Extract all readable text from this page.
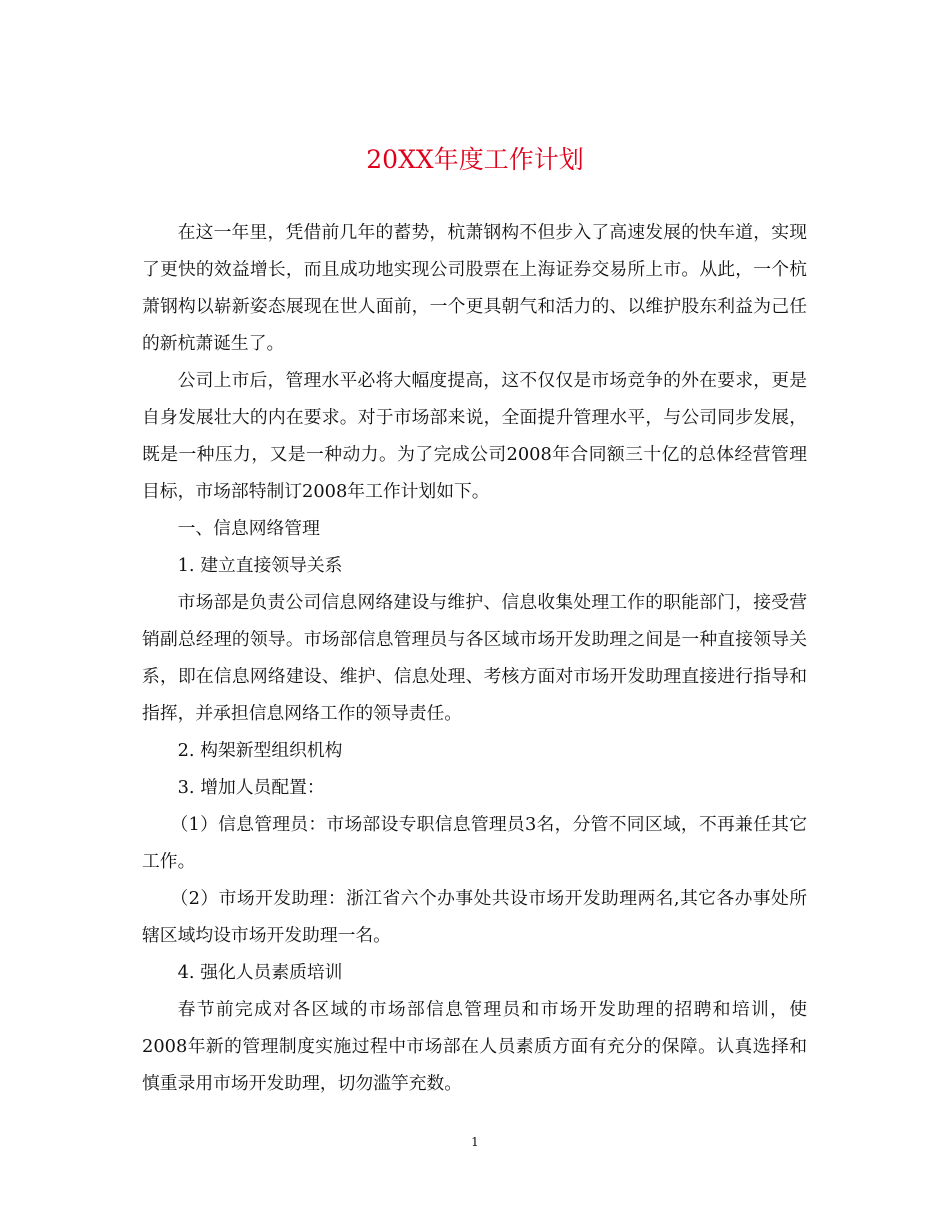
20XX年度工作计划

在这一年里，凭借前几年的蓄势，杭萧钢构不但步入了高速发展的快车道，实现了更快的效益增长，而且成功地实现公司股票在上海证券交易所上市。从此，一个杭萧钢构以崭新姿态展现在世人面前，一个更具朝气和活力的、以维护股东利益为己任的新杭萧诞生了。

公司上市后，管理水平必将大幅度提高，这不仅仅是市场竞争的外在要求，更是自身发展壮大的内在要求。对于市场部来说，全面提升管理水平，与公司同步发展，既是一种压力，又是一种动力。为了完成公司2008年合同额三十亿的总体经营管理目标，市场部特制订2008年工作计划如下。

一、信息网络管理

1. 建立直接领导关系

市场部是负责公司信息网络建设与维护、信息收集处理工作的职能部门，接受营销副总经理的领导。市场部信息管理员与各区域市场开发助理之间是一种直接领导关系，即在信息网络建设、维护、信息处理、考核方面对市场开发助理直接进行指导和指挥，并承担信息网络工作的领导责任。

2. 构架新型组织机构

3. 增加人员配置：

（1）信息管理员：市场部设专职信息管理员3名，分管不同区域，不再兼任其它工作。

（2）市场开发助理：浙江省六个办事处共设市场开发助理两名,其它各办事处所辖区域均设市场开发助理一名。

4. 强化人员素质培训

春节前完成对各区域的市场部信息管理员和市场开发助理的招聘和培训，使2008年新的管理制度实施过程中市场部在人员素质方面有充分的保障。认真选择和慎重录用市场开发助理，切勿滥竽充数。

1
